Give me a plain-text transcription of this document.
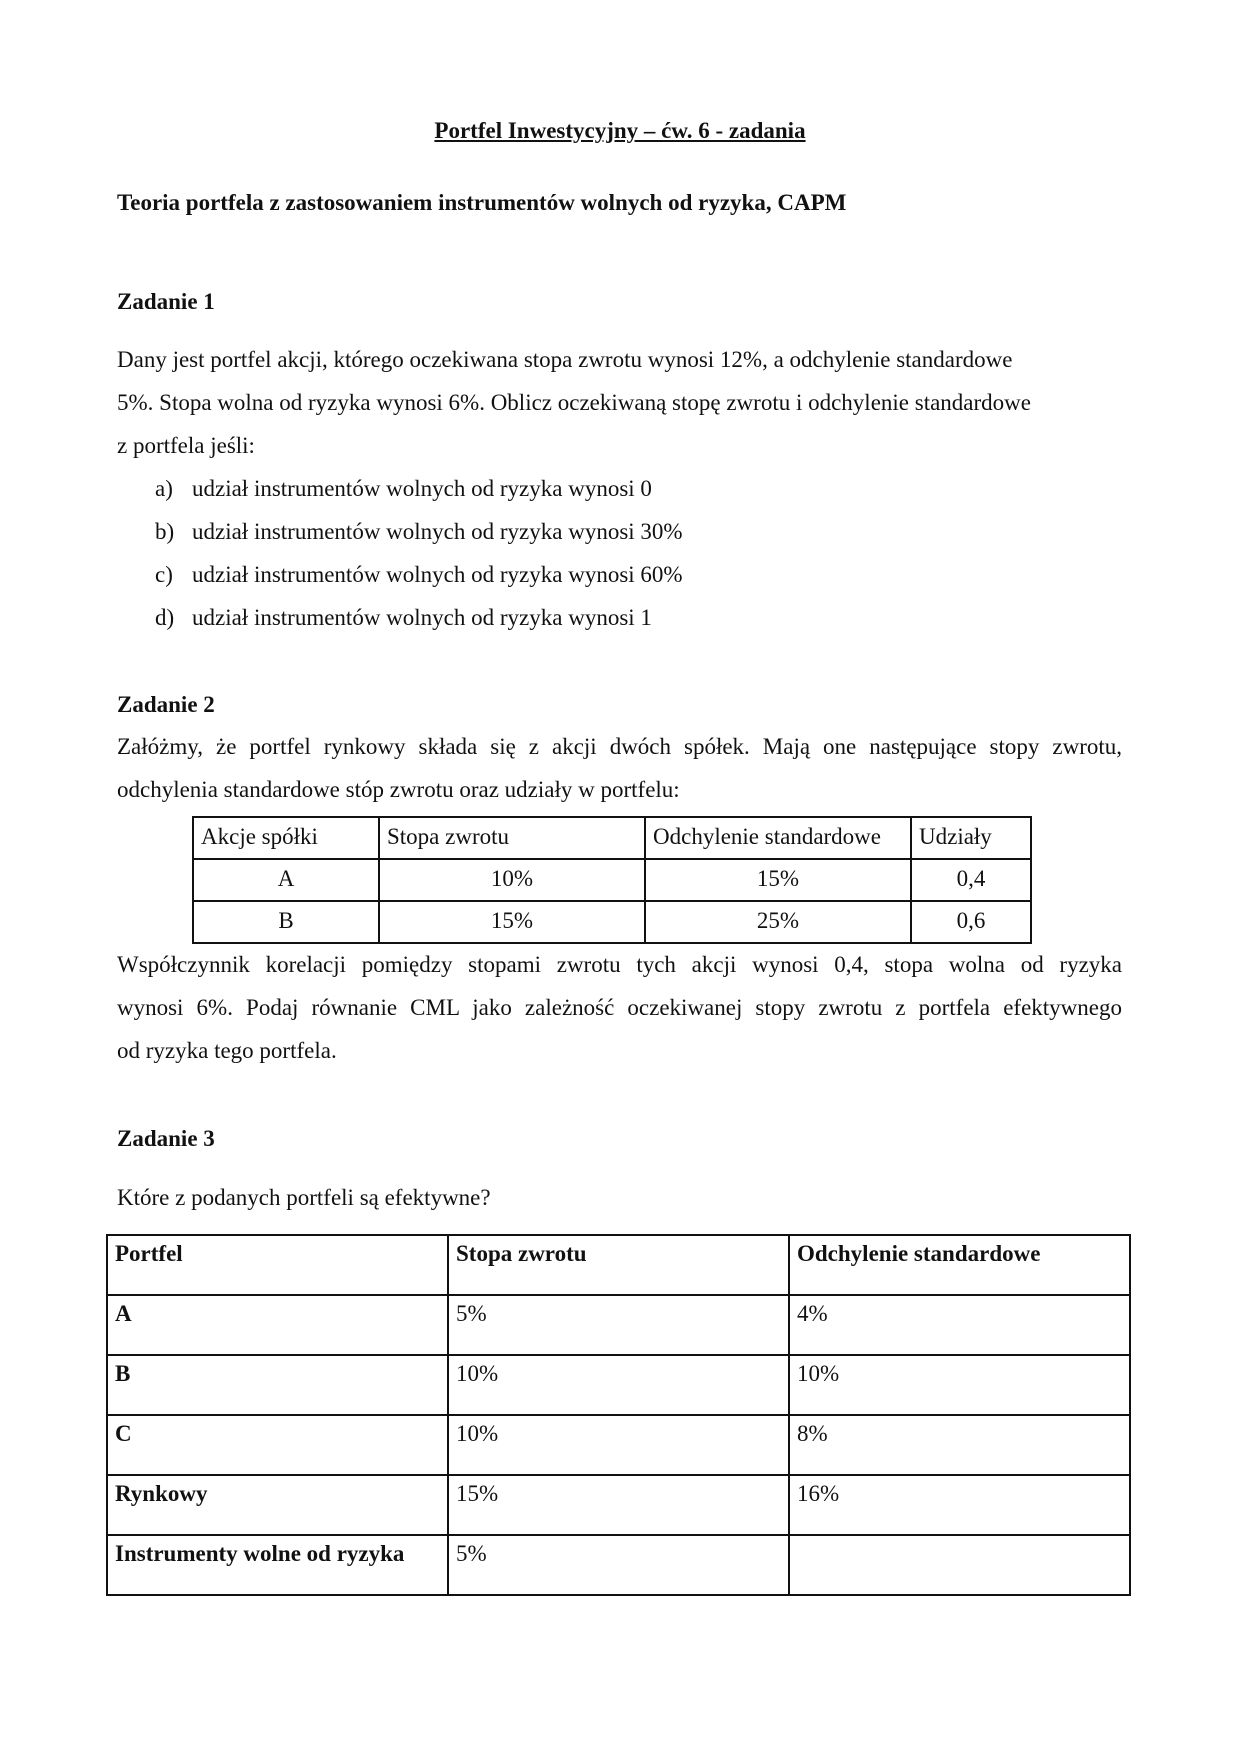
Portfel Inwestycyjny – ćw. 6 - zadania
Teoria portfela z zastosowaniem instrumentów wolnych od ryzyka, CAPM
Zadanie 1
Dany jest portfel akcji, którego oczekiwana stopa zwrotu wynosi 12%, a odchylenie standardowe
5%. Stopa wolna od ryzyka wynosi 6%. Oblicz oczekiwaną stopę zwrotu i odchylenie standardowe
z portfela jeśli:
a) udział instrumentów wolnych od ryzyka wynosi 0
b) udział instrumentów wolnych od ryzyka wynosi 30%
c) udział instrumentów wolnych od ryzyka wynosi 60%
d) udział instrumentów wolnych od ryzyka wynosi 1
Zadanie 2
Załóżmy, że portfel rynkowy składa się z akcji dwóch spółek. Mają one następujące stopy zwrotu,
odchylenia standardowe stóp zwrotu oraz udziały w portfelu:
Akcje spółki	Stopa zwrotu	Odchylenie standardowe	Udziały
A	10%	15%	0,4
B	15%	25%	0,6
Współczynnik korelacji pomiędzy stopami zwrotu tych akcji wynosi 0,4, stopa wolna od ryzyka
wynosi 6%. Podaj równanie CML jako zależność oczekiwanej stopy zwrotu z portfela efektywnego
od ryzyka tego portfela.
Zadanie 3
Które z podanych portfeli są efektywne?
Portfel	Stopa zwrotu	Odchylenie standardowe
A	5%	4%
B	10%	10%
C	10%	8%
Rynkowy	15%	16%
Instrumenty wolne od ryzyka	5%	
